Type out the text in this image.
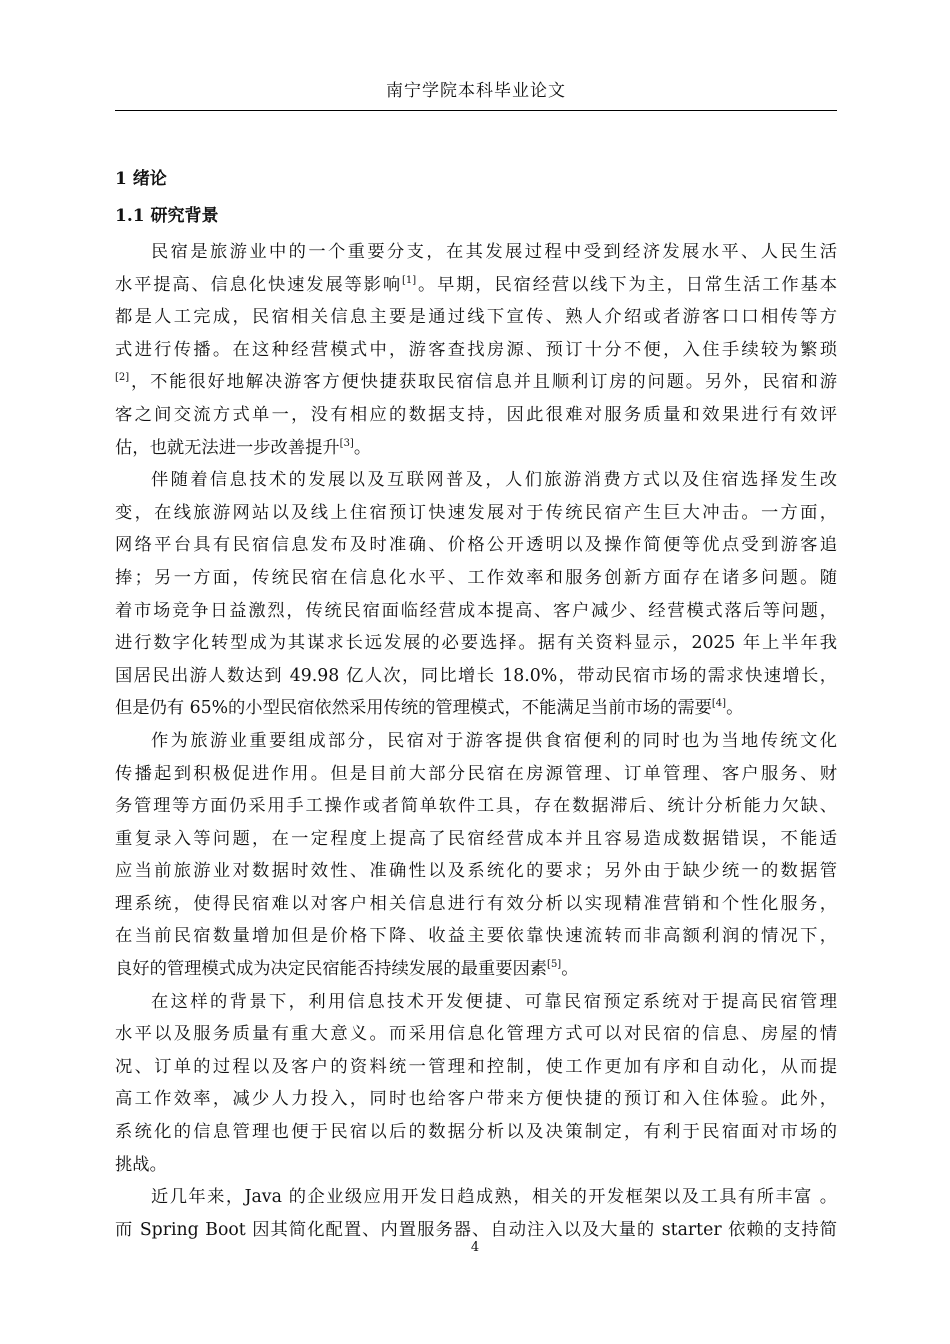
南宁学院本科毕业论文
1 绪论
1.1 研究背景
民宿是旅游业中的一个重要分支，在其发展过程中受到经济发展水平、人民生活
水平提高、信息化快速发展等影响[1]。早期，民宿经营以线下为主，日常生活工作基本
都是人工完成，民宿相关信息主要是通过线下宣传、熟人介绍或者游客口口相传等方
式进行传播。在这种经营模式中，游客查找房源、预订十分不便，入住手续较为繁琐
[2]，不能很好地解决游客方便快捷获取民宿信息并且顺利订房的问题。另外，民宿和游
客之间交流方式单一，没有相应的数据支持，因此很难对服务质量和效果进行有效评
估，也就无法进一步改善提升[3]。
伴随着信息技术的发展以及互联网普及，人们旅游消费方式以及住宿选择发生改
变，在线旅游网站以及线上住宿预订快速发展对于传统民宿产生巨大冲击。一方面，
网络平台具有民宿信息发布及时准确、价格公开透明以及操作简便等优点受到游客追
捧；另一方面，传统民宿在信息化水平、工作效率和服务创新方面存在诸多问题。随
着市场竞争日益激烈，传统民宿面临经营成本提高、客户减少、经营模式落后等问题，
进行数字化转型成为其谋求长远发展的必要选择。据有关资料显示，2025 年上半年我
国居民出游人数达到 49.98 亿人次，同比增长 18.0%，带动民宿市场的需求快速增长，
但是仍有 65%的小型民宿依然采用传统的管理模式，不能满足当前市场的需要[4]。
作为旅游业重要组成部分，民宿对于游客提供食宿便利的同时也为当地传统文化
传播起到积极促进作用。但是目前大部分民宿在房源管理、订单管理、客户服务、财
务管理等方面仍采用手工操作或者简单软件工具，存在数据滞后、统计分析能力欠缺、
重复录入等问题，在一定程度上提高了民宿经营成本并且容易造成数据错误，不能适
应当前旅游业对数据时效性、准确性以及系统化的要求；另外由于缺少统一的数据管
理系统，使得民宿难以对客户相关信息进行有效分析以实现精准营销和个性化服务，
在当前民宿数量增加但是价格下降、收益主要依靠快速流转而非高额利润的情况下，
良好的管理模式成为决定民宿能否持续发展的最重要因素[5]。
在这样的背景下，利用信息技术开发便捷、可靠民宿预定系统对于提高民宿管理
水平以及服务质量有重大意义。而采用信息化管理方式可以对民宿的信息、房屋的情
况、订单的过程以及客户的资料统一管理和控制，使工作更加有序和自动化，从而提
高工作效率，减少人力投入，同时也给客户带来方便快捷的预订和入住体验。此外，
系统化的信息管理也便于民宿以后的数据分析以及决策制定，有利于民宿面对市场的
挑战。
近几年来，Java 的企业级应用开发日趋成熟，相关的开发框架以及工具有所丰富 。
而 Spring Boot 因其简化配置、内置服务器、自动注入以及大量的 starter 依赖的支持简
4
